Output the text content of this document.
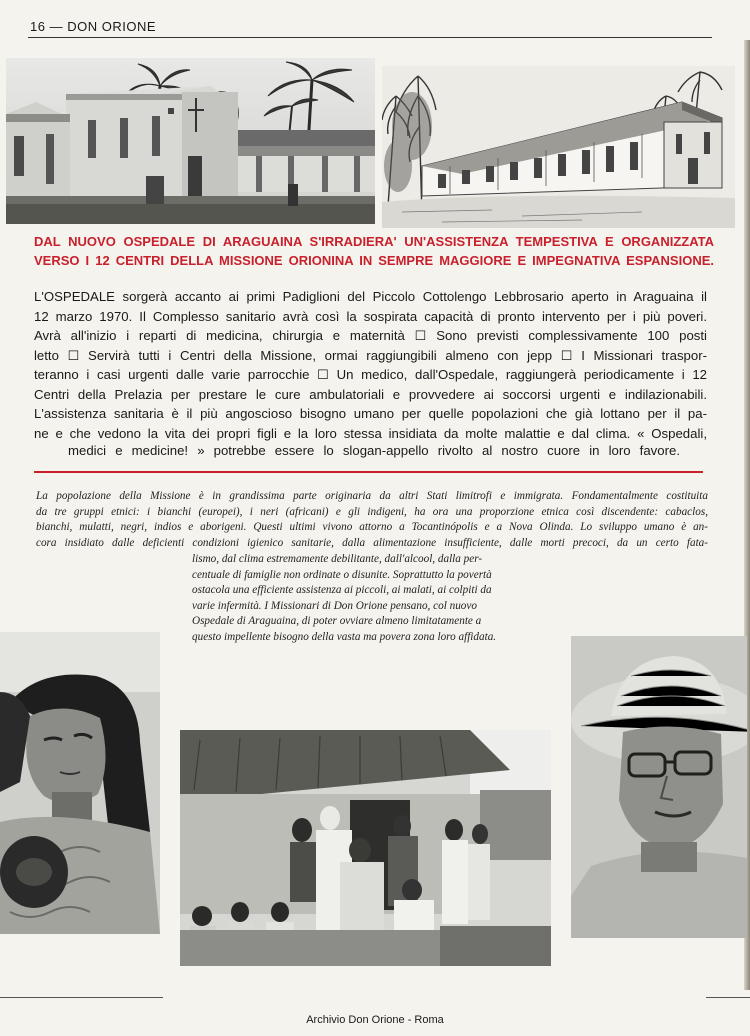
16 — DON ORIONE
DAL NUOVO OSPEDALE DI ARAGUAINA S'IRRADIERA' UN'ASSISTENZA TEMPESTIVA E ORGANIZZATA
VERSO I 12 CENTRI DELLA MISSIONE ORIONINA IN SEMPRE MAGGIORE E IMPEGNATIVA ESPANSIONE.
L'OSPEDALE sorgerà accanto ai primi Padiglioni del Piccolo Cottolengo Lebbrosario aperto in Araguaina il
12 marzo 1970. Il Complesso sanitario avrà così la sospirata capacità di pronto intervento per i più poveri.
Avrà all'inizio i reparti di medicina, chirurgia e maternità ☐ Sono previsti complessivamente 100 posti
letto ☐ Servirà tutti i Centri della Missione, ormai raggiungibili almeno con jepp ☐ I Missionari traspor-
teranno i casi urgenti dalle varie parrocchie ☐ Un medico, dall'Ospedale, raggiungerà periodicamente i 12
Centri della Prelazia per prestare le cure ambulatoriali e provvedere ai soccorsi urgenti e indilazionabili.
L'assistenza sanitaria è il più angoscioso bisogno umano per quelle popolazioni che già lottano per il pa-
ne e che vedono la vita dei propri figli e la loro stessa insidiata da molte malattie e dal clima. « Ospedali,
medici e medicine! » potrebbe essere lo slogan-appello rivolto al nostro cuore in loro favore.
La popolazione della Missione è in grandissima parte originaria da altri Stati limitrofi e immigrata. Fondamentalmente costituita
da tre gruppi etnici: i bianchi (europei), i neri (africani) e gli indigeni, ha ora una proporzione etnica così discendente: cabaclos,
bianchi, mulatti, negri, indios e aborigeni. Questi ultimi vivono attorno a Tocantinópolis e a Nova Olinda. Lo sviluppo umano è an-
cora insidiato dalle deficienti condizioni igienico sanitarie, dalla alimentazione insufficiente, dalle morti precoci, da un certo fata-
lismo, dal clima estremamente debilitante, dall'alcool, dalla per-
centuale di famiglie non ordinate o disunite. Soprattutto la povertà
ostacola una efficiente assistenza ai piccoli, ai malati, ai colpiti da
varie infermità. I Missionari di Don Orione pensano, col nuovo
Ospedale di Araguaina, di poter ovviare almeno limitatamente a
questo impellente bisogno della vasta ma povera zona loro affidata.
Archivio Don Orione - Roma
